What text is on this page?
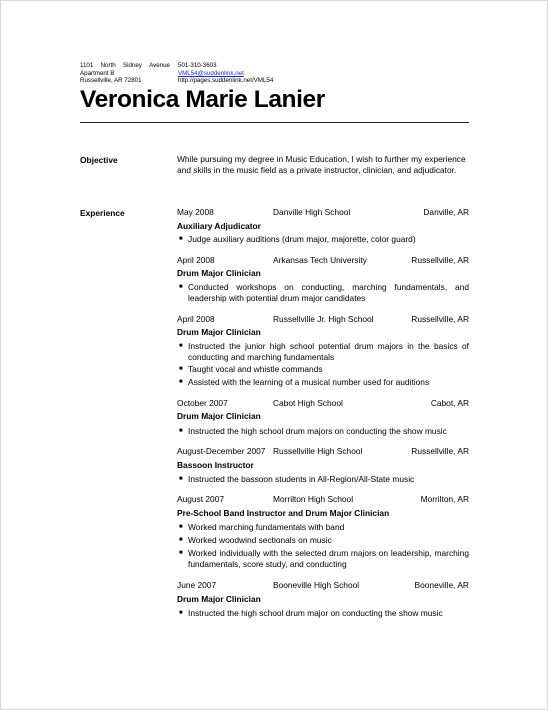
1101 North Sidney Avenue
Apartment B
Russellville, AR 72801
501-310-3603
VML54@suddenlink.net
http://pages.suddenlink.net/VML54
Veronica Marie Lanier
Objective	While pursuing my degree in Music Education, I wish to further my experience and skills in the music field as a private instructor, clinician, and adjudicator.
Experience	May 2008	Danville High School	Danville, AR
Auxiliary Adjudicator
■ Judge auxiliary auditions (drum major, majorette, color guard)
April 2008	Arkansas Tech University	Russellville, AR
Drum Major Clinician
■ Conducted workshops on conducting, marching fundamentals, and leadership with potential drum major candidates
April 2008	Russellville Jr. High School	Russellville, AR
Drum Major Clinician
■ Instructed the junior high school potential drum majors in the basics of conducting and marching fundamentals
■ Taught vocal and whistle commands
■ Assisted with the learning of a musical number used for auditions
October 2007	Cabot High School	Cabot, AR
Drum Major Clinician
■ Instructed the high school drum majors on conducting the show music
August-December 2007 Russellville High School	Russellville, AR
Bassoon Instructor
■ Instructed the bassoon students in All-Region/All-State music
August 2007	Morrilton High School	Morrilton, AR
Pre-School Band Instructor and Drum Major Clinician
■ Worked marching fundamentals with band
■ Worked woodwind sectionals on music
■ Worked individually with the selected drum majors on leadership, marching fundamentals, score study, and conducting
June 2007	Booneville High School	Booneville, AR
Drum Major Clinician
■ Instructed the high school drum major on conducting the show music
